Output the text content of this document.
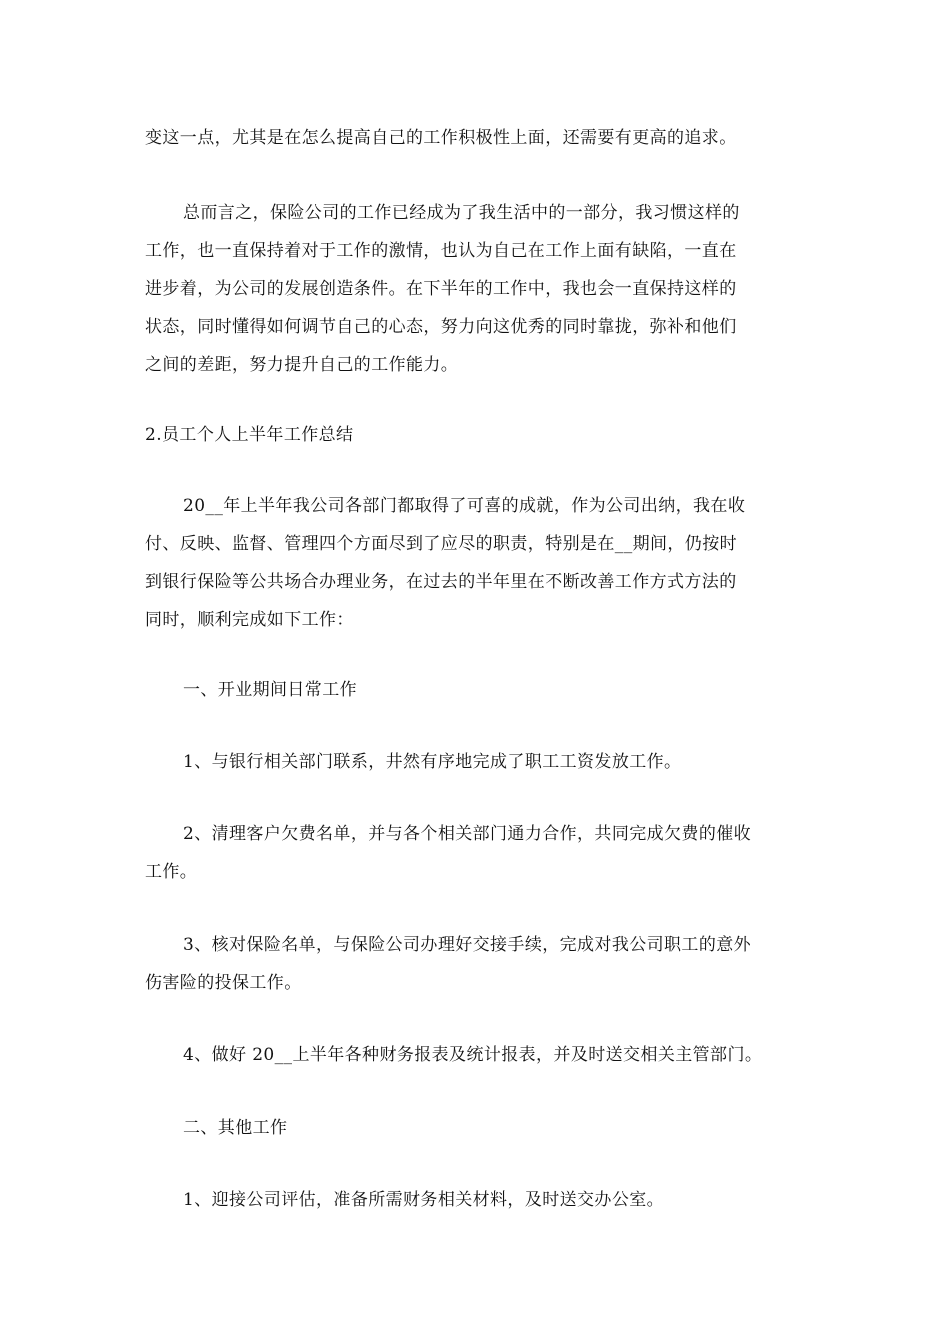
变这一点，尤其是在怎么提高自己的工作积极性上面，还需要有更高的追求。

总而言之，保险公司的工作已经成为了我生活中的一部分，我习惯这样的
工作，也一直保持着对于工作的激情，也认为自己在工作上面有缺陷，一直在
进步着，为公司的发展创造条件。在下半年的工作中，我也会一直保持这样的
状态，同时懂得如何调节自己的心态，努力向这优秀的同时靠拢，弥补和他们
之间的差距，努力提升自己的工作能力。

2.员工个人上半年工作总结

20__年上半年我公司各部门都取得了可喜的成就，作为公司出纳，我在收
付、反映、监督、管理四个方面尽到了应尽的职责，特别是在__期间，仍按时
到银行保险等公共场合办理业务，在过去的半年里在不断改善工作方式方法的
同时，顺利完成如下工作：

一、开业期间日常工作

1、与银行相关部门联系，井然有序地完成了职工工资发放工作。

2、清理客户欠费名单，并与各个相关部门通力合作，共同完成欠费的催收
工作。

3、核对保险名单，与保险公司办理好交接手续，完成对我公司职工的意外
伤害险的投保工作。

4、做好 20__上半年各种财务报表及统计报表，并及时送交相关主管部门。

二、其他工作

1、迎接公司评估，准备所需财务相关材料，及时送交办公室。
